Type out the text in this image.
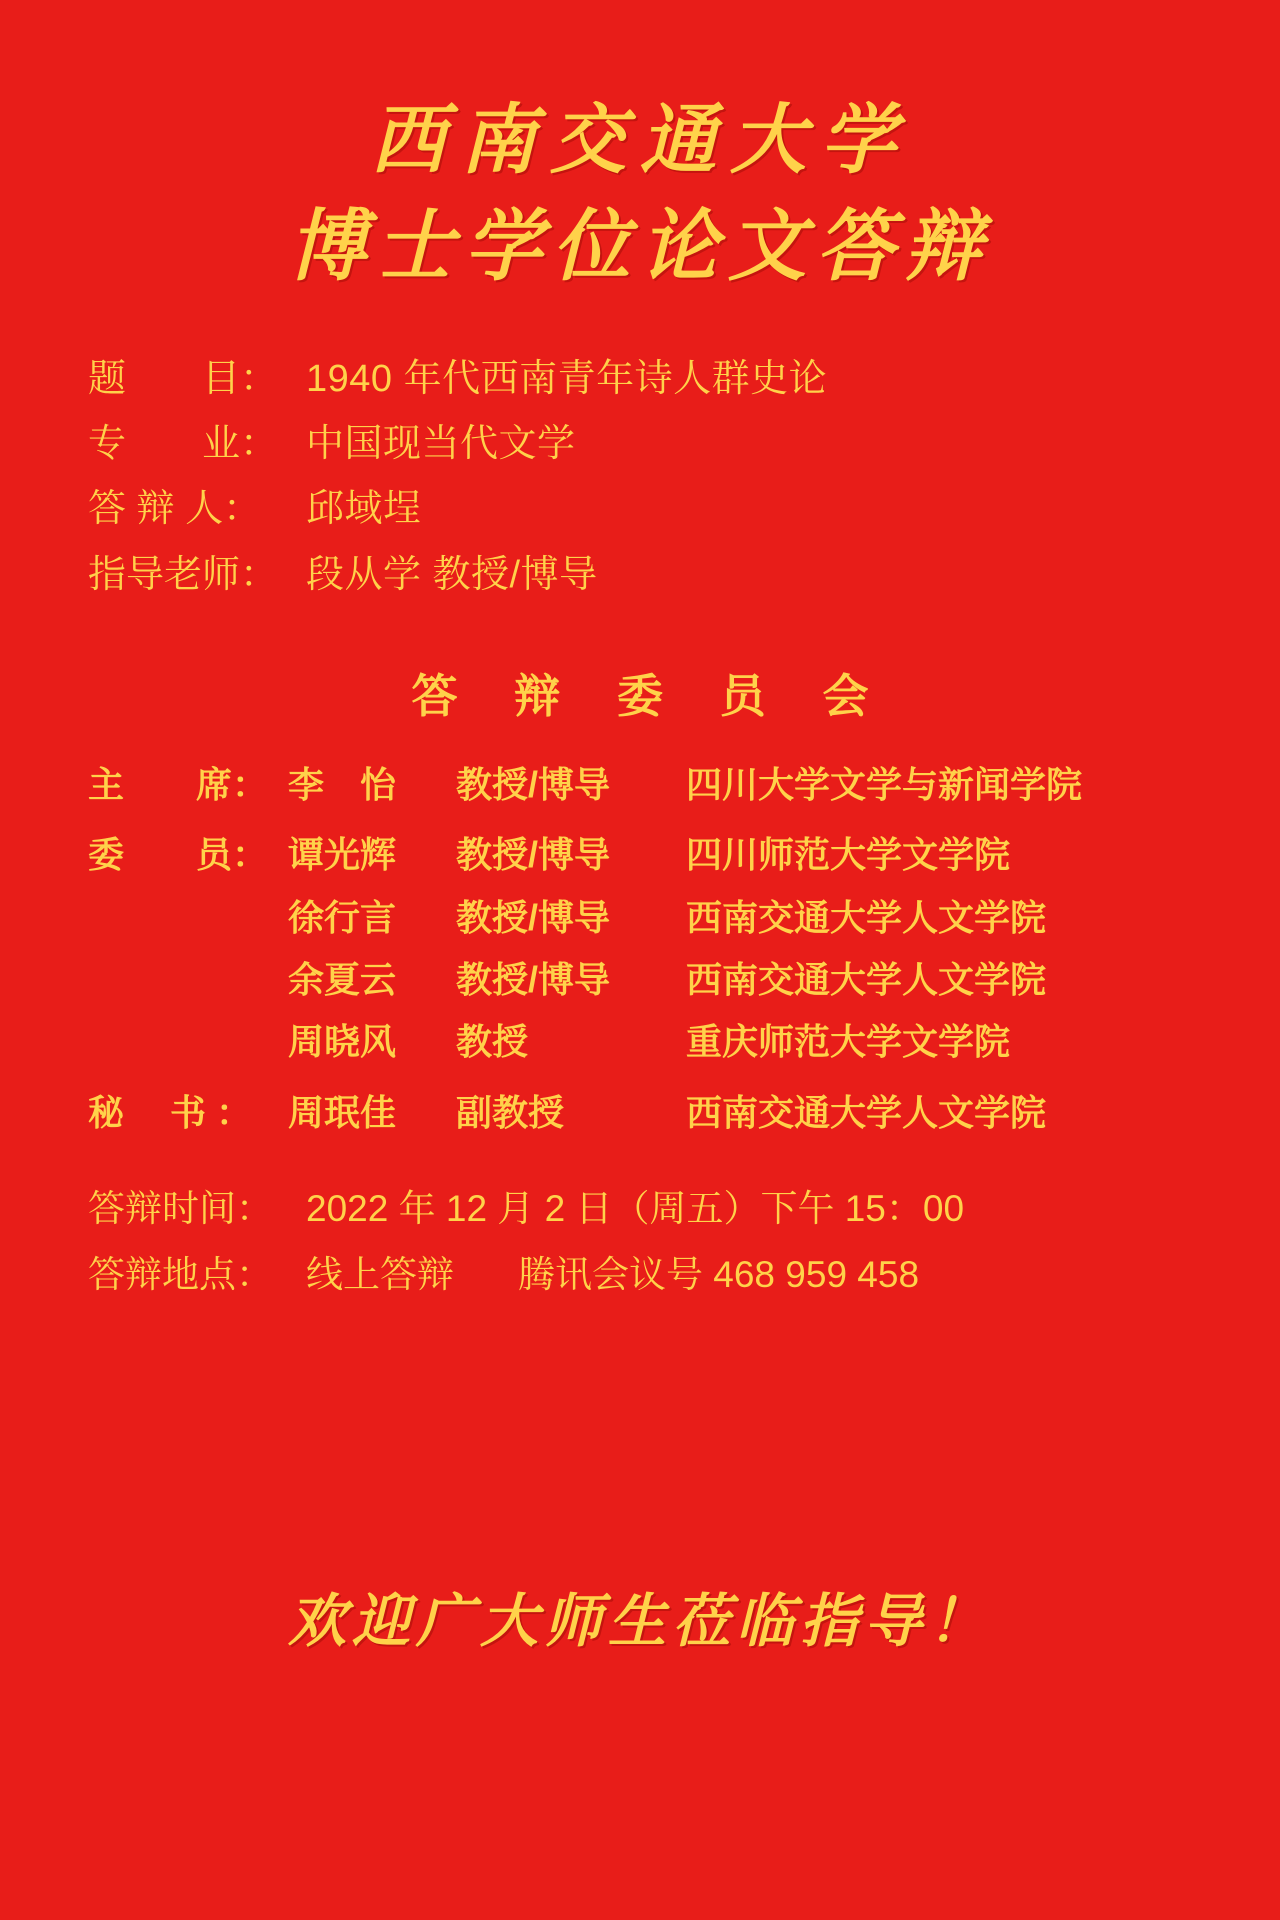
西南交通大学
博士学位论文答辩
题　　目： 1940 年代西南青年诗人群史论
专　　业： 中国现当代文学
答 辩 人：	邱域埕
指导老师： 段从学 教授/博导
答 辩 委 员 会
主　　席： 李　怡	教授/博导	四川大学文学与新闻学院
委　　员： 谭光辉	教授/博导	四川师范大学文学院
徐行言	教授/博导	西南交通大学人文学院
余夏云	教授/博导	西南交通大学人文学院
周晓风	教授	重庆师范大学文学院
秘　 书 ： 周珉佳	副教授	西南交通大学人文学院
答辩时间： 2022 年 12 月 2 日（周五）下午 15：00
答辩地点： 线上答辩 腾讯会议号 468 959 458
欢迎广大师生莅临指导！
